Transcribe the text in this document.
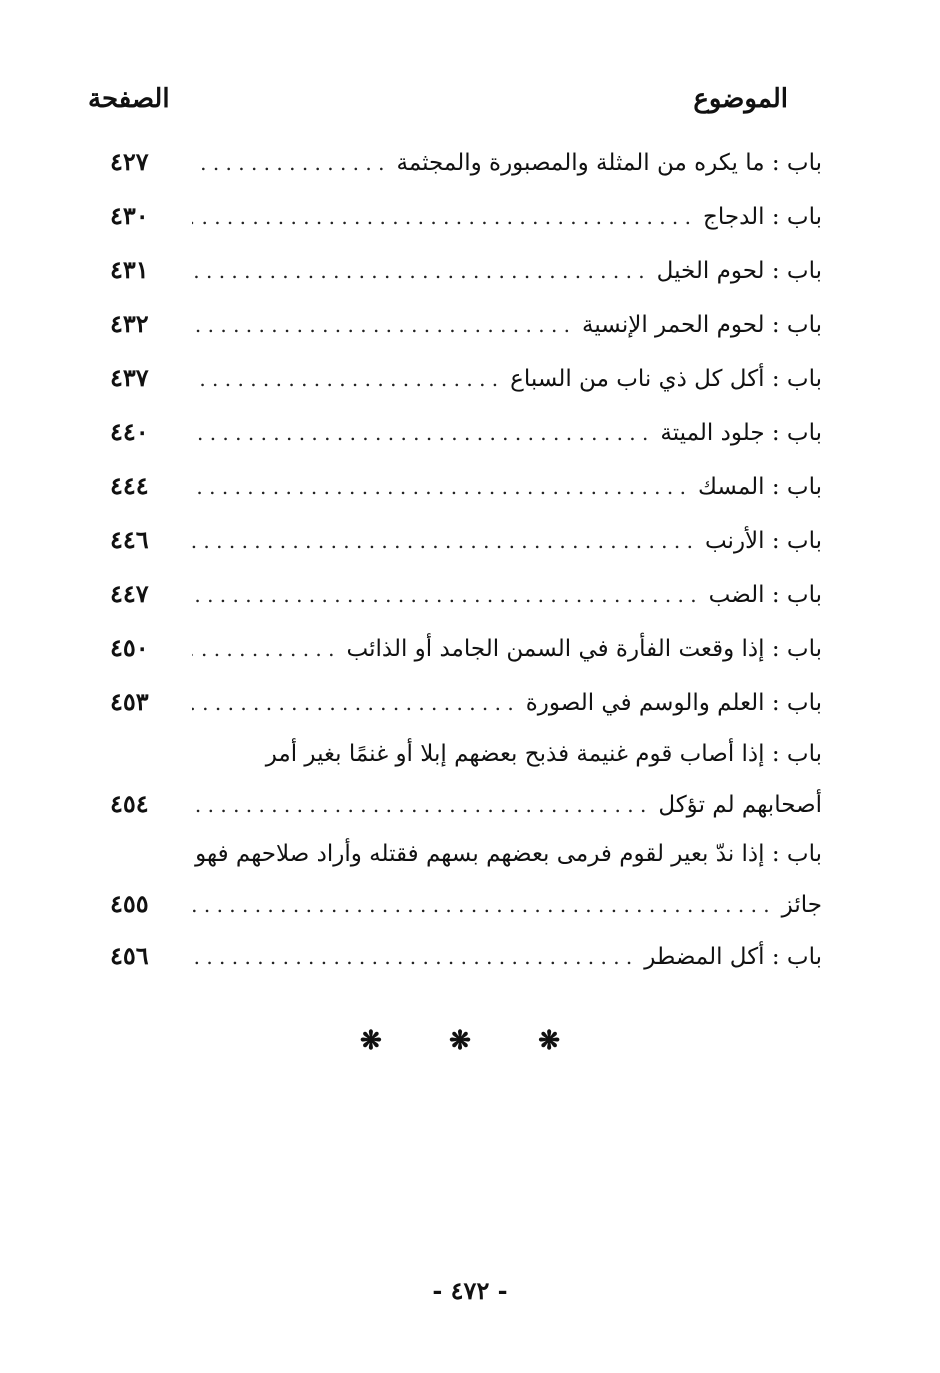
الموضوع
الصفحة
باب : ما يكره من المثلة والمصبورة والمجثمة
. . .
٤٢٧
باب : الدجاج
. . .
٤٣٠
باب : لحوم الخيل
. . .
٤٣١
باب : لحوم الحمر الإنسية
. . .
٤٣٢
باب : أكل كل ذي ناب من السباع
. . .
٤٣٧
باب : جلود الميتة
. . .
٤٤٠
باب : المسك
. . .
٤٤٤
باب : الأرنب
. . .
٤٤٦
باب : الضب
. . .
٤٤٧
باب : إذا وقعت الفأرة في السمن الجامد أو الذائب
. . .
٤٥٠
باب : العلم والوسم في الصورة
. . .
٤٥٣
باب : إذا أصاب قوم غنيمة فذبح بعضهم إبلا أو غنمًا بغير أمر
أصحابهم لم تؤكل
. . .
٤٥٤
باب : إذا ندّ بعير لقوم فرمى بعضهم بسهم فقتله وأراد صلاحهم فهو
جائز
. . .
٤٥٥
باب : أكل المضطر
. . .
٤٥٦
❋	❋	❋
- ٤٧٢ -
